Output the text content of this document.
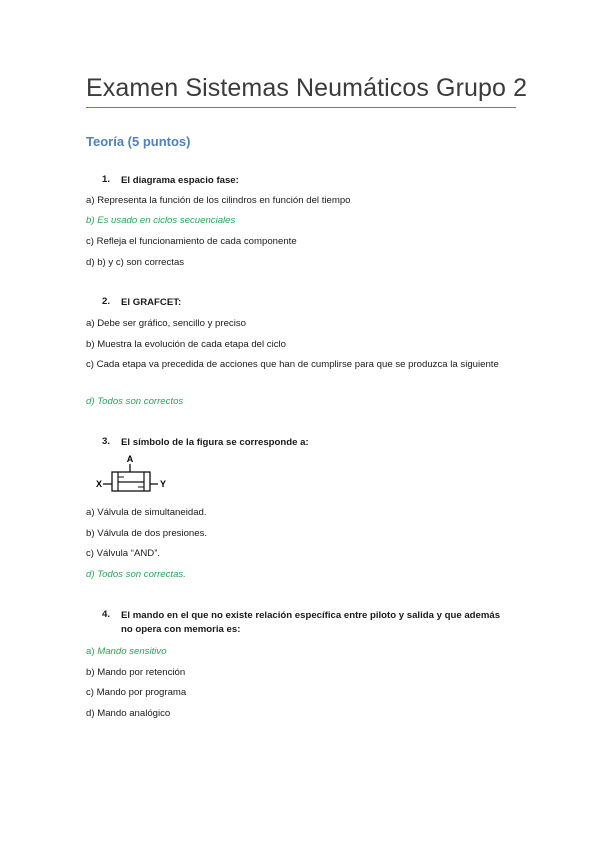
Examen Sistemas Neumáticos Grupo 2
Teoría (5 puntos)
1.	El diagrama espacio fase:

a) Representa la función de los cilindros en función del tiempo

b) Es usado en ciclos secuenciales

c) Refleja el funcionamiento de cada componente

d) b) y c) son correctas

2.	El GRAFCET:

a) Debe ser gráfico, sencillo y preciso

b) Muestra la evolución de cada etapa del ciclo

c) Cada etapa va precedida de acciones que han de cumplirse para que se produzca la siguiente

d) Todos son correctos

3.	El símbolo de la figura se corresponde a:
A
X	Y

a) Válvula de simultaneidad.

b) Válvula de dos presiones.

c) Válvula “AND”.

d) Todos son correctas.

4.	El mando en el que no existe relación específica entre piloto y salida y que además no opera con memoria es:

a) Mando sensitivo

b) Mando por retención

c) Mando por programa

d) Mando analógico
